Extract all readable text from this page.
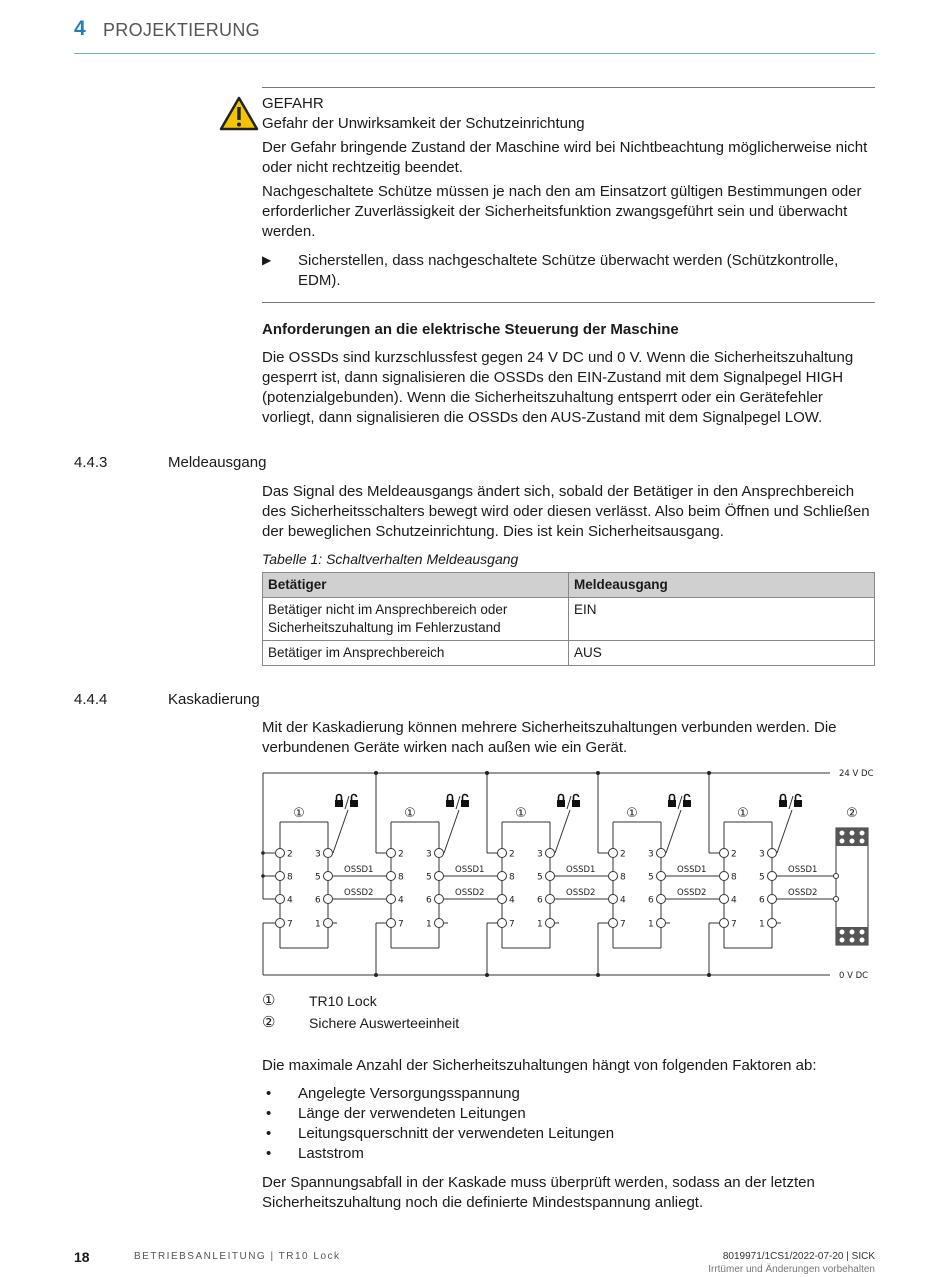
4 PROJEKTIERUNG

GEFAHR

Gefahr der Unwirksamkeit der Schutzeinrichtung

Der Gefahr bringende Zustand der Maschine wird bei Nichtbeachtung möglicherweise nicht oder nicht rechtzeitig beendet.

Nachgeschaltete Schütze müssen je nach den am Einsatzort gültigen Bestimmungen oder erforderlicher Zuverlässigkeit der Sicherheitsfunktion zwangsgeführt sein und überwacht werden.

▶ Sicherstellen, dass nachgeschaltete Schütze überwacht werden (Schützkontrolle, EDM).

Anforderungen an die elektrische Steuerung der Maschine

Die OSSDs sind kurzschlussfest gegen 24 V DC und 0 V. Wenn die Sicherheitszuhaltung gesperrt ist, dann signalisieren die OSSDs den EIN-Zustand mit dem Signalpegel HIGH (potenzialgebunden). Wenn die Sicherheitszuhaltung entsperrt oder ein Gerätefehler vorliegt, dann signalisieren die OSSDs den AUS-Zustand mit dem Signalpegel LOW.

4.4.3	Meldeausgang

Das Signal des Meldeausgangs ändert sich, sobald der Betätiger in den Ansprechbereich des Sicherheitsschalters bewegt wird oder diesen verlässt. Also beim Öffnen und Schließen der beweglichen Schutzeinrichtung. Dies ist kein Sicherheitsausgang.

Tabelle 1: Schaltverhalten Meldeausgang

Betätiger	Meldeausgang
Betätiger nicht im Ansprechbereich oder Sicherheitszuhaltung im Fehlerzustand	EIN
Betätiger im Ansprechbereich	AUS
4.4.4	Kaskadierung

Mit der Kaskadierung können mehrere Sicherheitszuhaltungen verbunden werden. Die verbundenen Geräte wirken nach außen wie ein Gerät.

24 V DC
0 V DC
①
2 3
8 5
4 6
7 1
OSSD1
OSSD2
①
2 3
8 5
4 6
7 1
OSSD1
OSSD2
①
2 3
8 5
4 6
7 1
OSSD1
OSSD2
①
2 3
8 5
4 6
7 1
OSSD1
OSSD2
①
2 3
8 5
4 6
7 1
OSSD1
OSSD2
②
① TR10 Lock
② Sichere Auswerteeinheit

Die maximale Anzahl der Sicherheitszuhaltungen hängt von folgenden Faktoren ab:

• Angelegte Versorgungsspannung
• Länge der verwendeten Leitungen
• Leitungsquerschnitt der verwendeten Leitungen
• Laststrom

Der Spannungsabfall in der Kaskade muss überprüft werden, sodass an der letzten Sicherheitszuhaltung noch die definierte Mindestspannung anliegt.

18	BETRIEBSANLEITUNG | TR10 Lock	8019971/1CS1/2022-07-20 | SICK
Irrtümer und Änderungen vorbehalten
